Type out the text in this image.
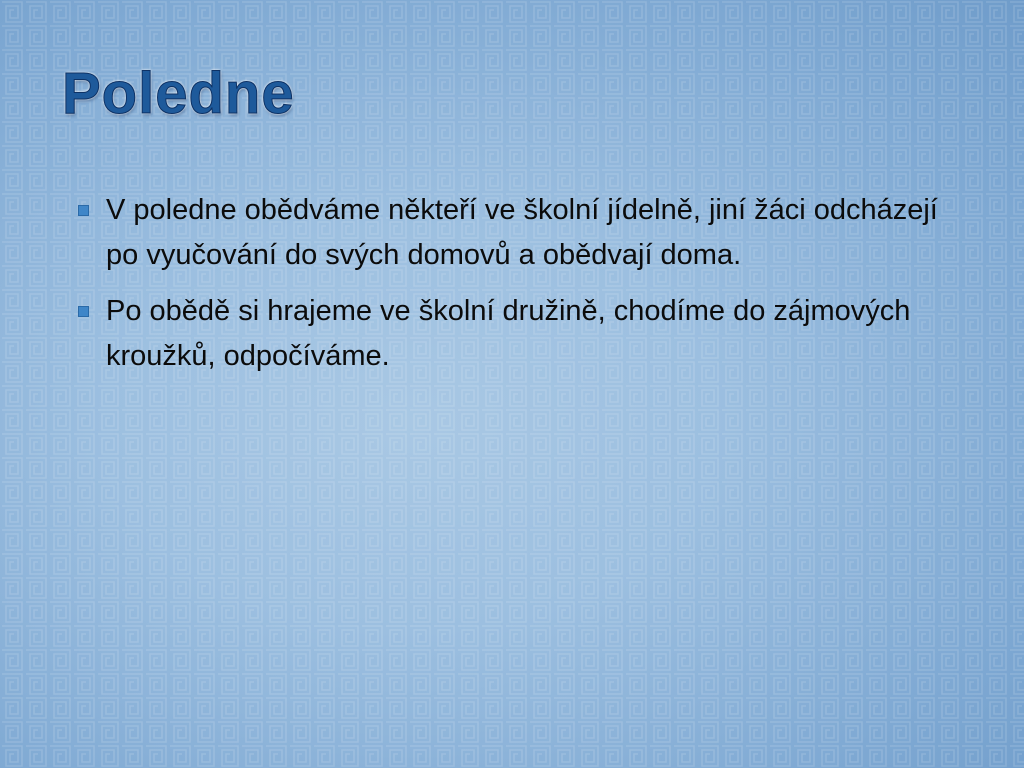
Poledne
V poledne obědváme někteří ve školní jídelně, jiní žáci odcházejí po vyučování do svých domovů a obědvají doma.
Po obědě si hrajeme ve školní družině, chodíme do zájmových kroužků, odpočíváme.
